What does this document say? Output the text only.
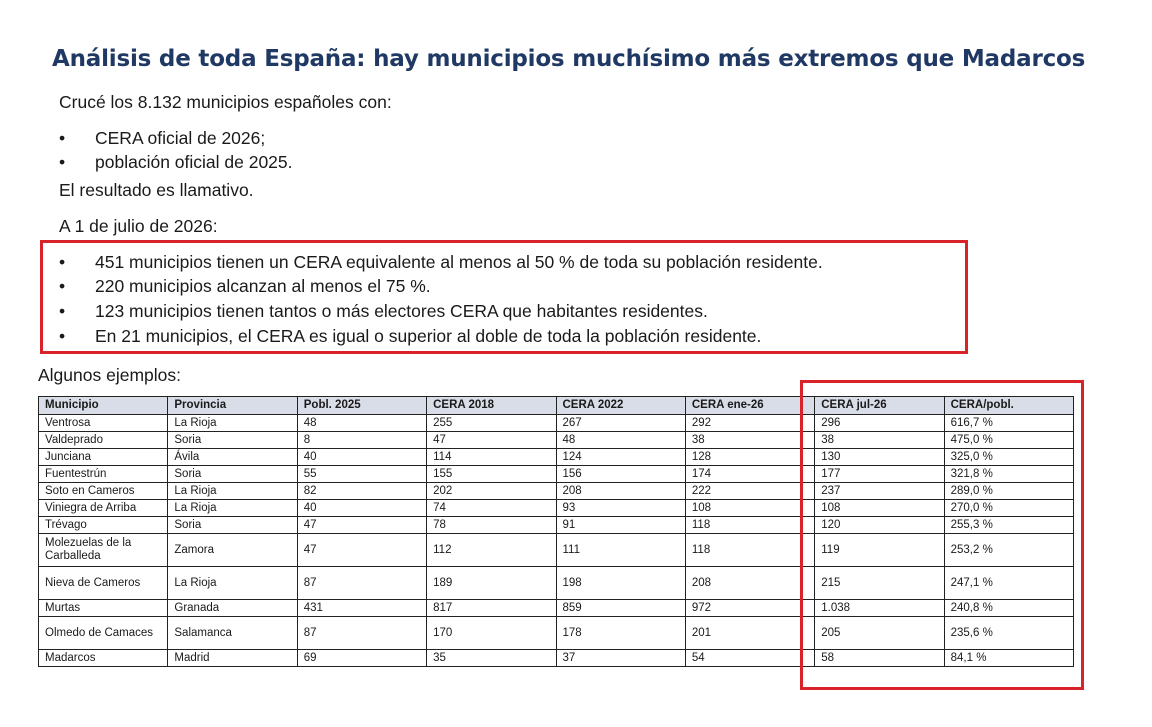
Análisis de toda España: hay municipios muchísimo más extremos que Madarcos
Crucé los 8.132 municipios españoles con:
• CERA oficial de 2026;
• población oficial de 2025.
El resultado es llamativo.
A 1 de julio de 2026:
• 451 municipios tienen un CERA equivalente al menos al 50 % de toda su población residente.
• 220 municipios alcanzan al menos el 75 %.
• 123 municipios tienen tantos o más electores CERA que habitantes residentes.
• En 21 municipios, el CERA es igual o superior al doble de toda la población residente.
Algunos ejemplos:
Municipio	Provincia	Pobl. 2025	CERA 2018	CERA 2022	CERA ene-26	CERA jul-26	CERA/pobl.
Ventrosa	La Rioja	48	255	267	292	296	616,7 %
Valdeprado	Soria	8	47	48	38	38	475,0 %
Junciana	Ávila	40	114	124	128	130	325,0 %
Fuentestrún	Soria	55	155	156	174	177	321,8 %
Soto en Cameros	La Rioja	82	202	208	222	237	289,0 %
Viniegra de Arriba	La Rioja	40	74	93	108	108	270,0 %
Trévago	Soria	47	78	91	118	120	255,3 %
Molezuelas de la Carballeda	Zamora	47	112	111	118	119	253,2 %
Nieva de Cameros	La Rioja	87	189	198	208	215	247,1 %
Murtas	Granada	431	817	859	972	1.038	240,8 %
Olmedo de Camaces	Salamanca	87	170	178	201	205	235,6 %
Madarcos	Madrid	69	35	37	54	58	84,1 %
